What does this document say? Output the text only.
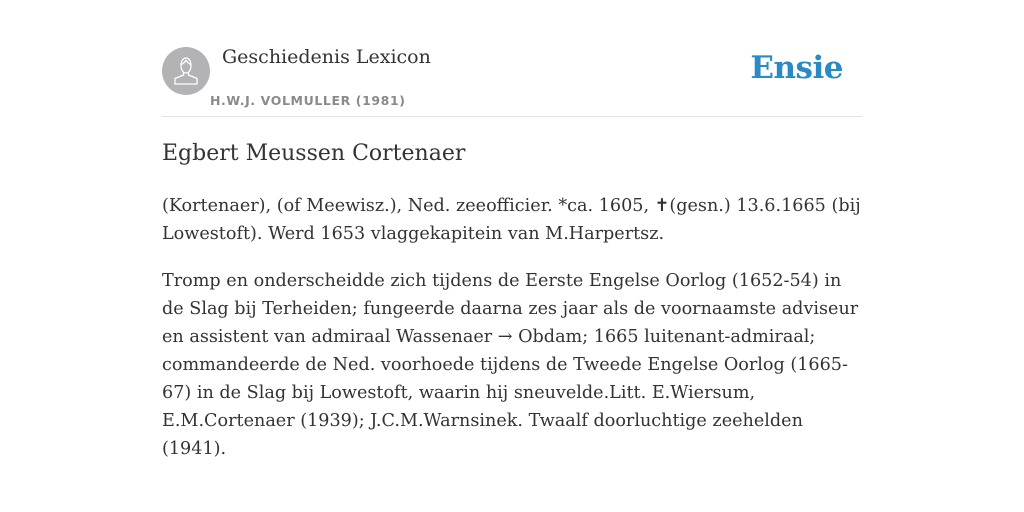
Geschiedenis Lexicon
H.W.J. VOLMULLER (1981)
Ensie
Egbert Meussen Cortenaer

(Kortenaer), (of Meewisz.), Ned. zeeofficier. *ca. 1605, ✝(gesn.) 13.6.1665 (bij Lowestoft). Werd 1653 vlaggekapitein van M.Harpertsz.

Tromp en onderscheidde zich tijdens de Eerste Engelse Oorlog (1652-54) in de Slag bij Terheiden; fungeerde daarna zes jaar als de voornaamste adviseur en assistent van admiraal Wassenaer → Obdam; 1665 luitenant-admiraal; commandeerde de Ned. voorhoede tijdens de Tweede Engelse Oorlog (1665-67) in de Slag bij Lowestoft, waarin hij sneuvelde.Litt. E.Wiersum, E.M.Cortenaer (1939); J.C.M.Warnsinek. Twaalf doorluchtige zeehelden (1941).
